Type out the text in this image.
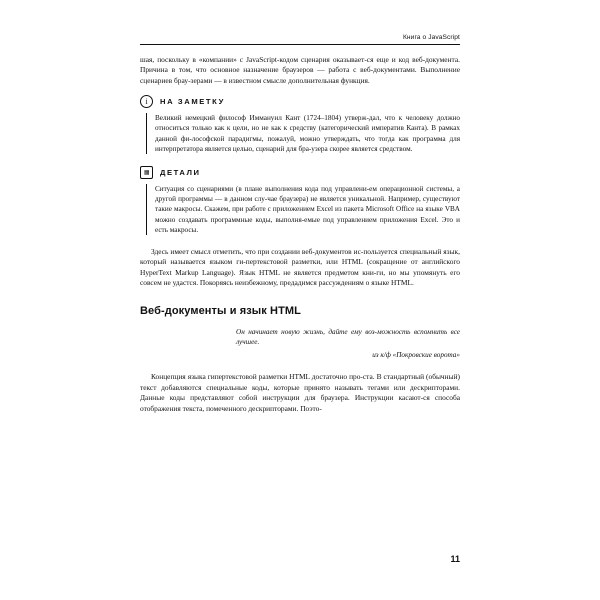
Книга о JavaScript

шая, поскольку в «компании» с JavaScript-кодом сценария оказывает-ся еще и код веб-документа. Причина в том, что основное назначение браузеров — работа с веб-документами. Выполнение сценариев брау-зерами — в известном смысле дополнительная функция.

i	НА ЗАМЕТКУ

Великий немецкий философ Иммануил Кант (1724–1804) утверж-дал, что к человеку должно относиться только как к цели, но не как к средству (категорический императив Канта). В рамках данной фи-лософской парадигмы, пожалуй, можно утверждать, что тогда как программа для интерпретатора является целью, сценарий для бра-узера скорее является средством.

▦	ДЕТАЛИ

Ситуация со сценариями (в плане выполнения кода под управлени-ем операционной системы, а другой программы — в данном слу-чае браузера) не является уникальной. Например, существуют такие макросы. Скажем, при работе с приложением Excel из пакета Microsoft Office на языке VBA можно создавать программные коды, выполня-емые под управлением приложения Excel. Это и есть макросы.

Здесь имеет смысл отметить, что при создании веб-документов ис-пользуется специальный язык, который называется языком ги-пертекстовой разметки, или HTML (сокращение от английского HyperText Markup Language). Язык HTML не является предметом кни-ги, но мы упомянуть его совсем не удастся. Покоряясь неизбежному, предадимся рассуждениям о языке HTML.

Веб-документы и язык HTML

Он начинает новую жизнь, дайте ему воз-можность вспомнить все лучшее.

из к/ф «Покровские ворота»

Концепция языка гипертекстовой разметки HTML достаточно про-ста. В стандартный (обычный) текст добавляются специальные коды, которые принято называть тегами или дескрипторами. Данные коды представляют собой инструкции для браузера. Инструкции касают-ся способа отображения текста, помеченного дескрипторами. Поэто-

11
